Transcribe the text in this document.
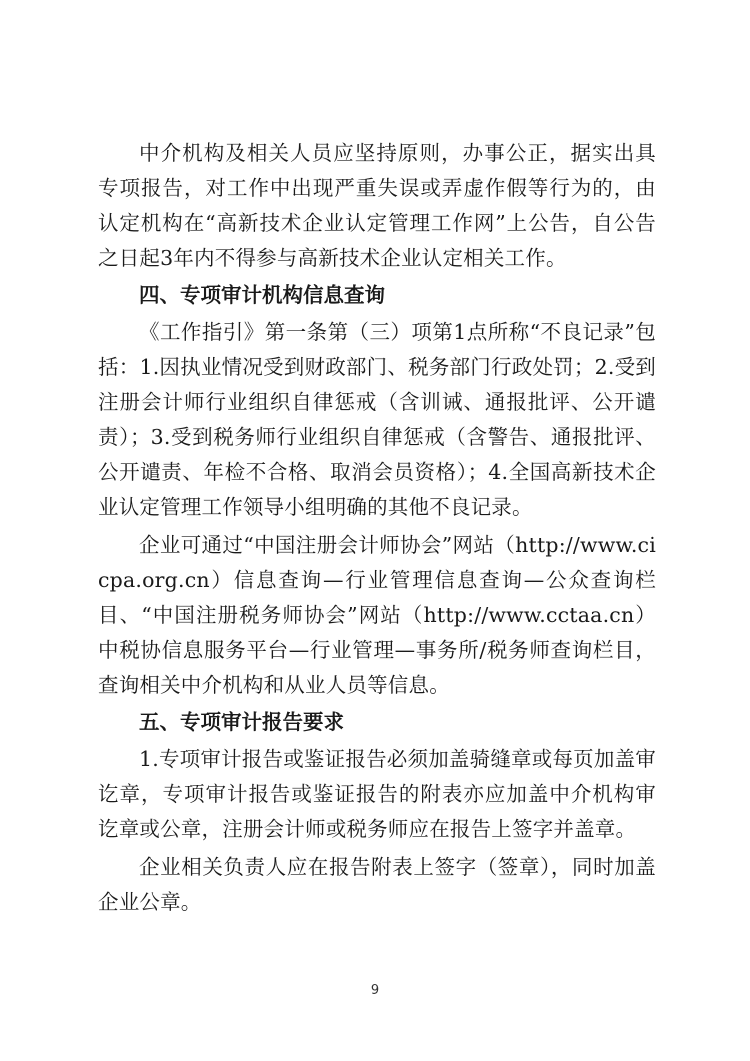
中介机构及相关人员应坚持原则，办事公正，据实出具专项报告，对工作中出现严重失误或弄虚作假等行为的，由认定机构在“高新技术企业认定管理工作网”上公告，自公告之日起3年内不得参与高新技术企业认定相关工作。

四、专项审计机构信息查询

《工作指引》第一条第（三）项第1点所称“不良记录”包括：1.因执业情况受到财政部门、税务部门行政处罚；2.受到注册会计师行业组织自律惩戒（含训诫、通报批评、公开谴责）；3.受到税务师行业组织自律惩戒（含警告、通报批评、公开谴责、年检不合格、取消会员资格）；4.全国高新技术企业认定管理工作领导小组明确的其他不良记录。

企业可通过“中国注册会计师协会”网站（http://www.cicpa.org.cn）信息查询—行业管理信息查询—公众查询栏目、“中国注册税务师协会”网站（http://www.cctaa.cn）中税协信息服务平台—行业管理—事务所/税务师查询栏目，查询相关中介机构和从业人员等信息。

五、专项审计报告要求

1.专项审计报告或鉴证报告必须加盖骑缝章或每页加盖审讫章，专项审计报告或鉴证报告的附表亦应加盖中介机构审讫章或公章，注册会计师或税务师应在报告上签字并盖章。

企业相关负责人应在报告附表上签字（签章），同时加盖企业公章。

9
